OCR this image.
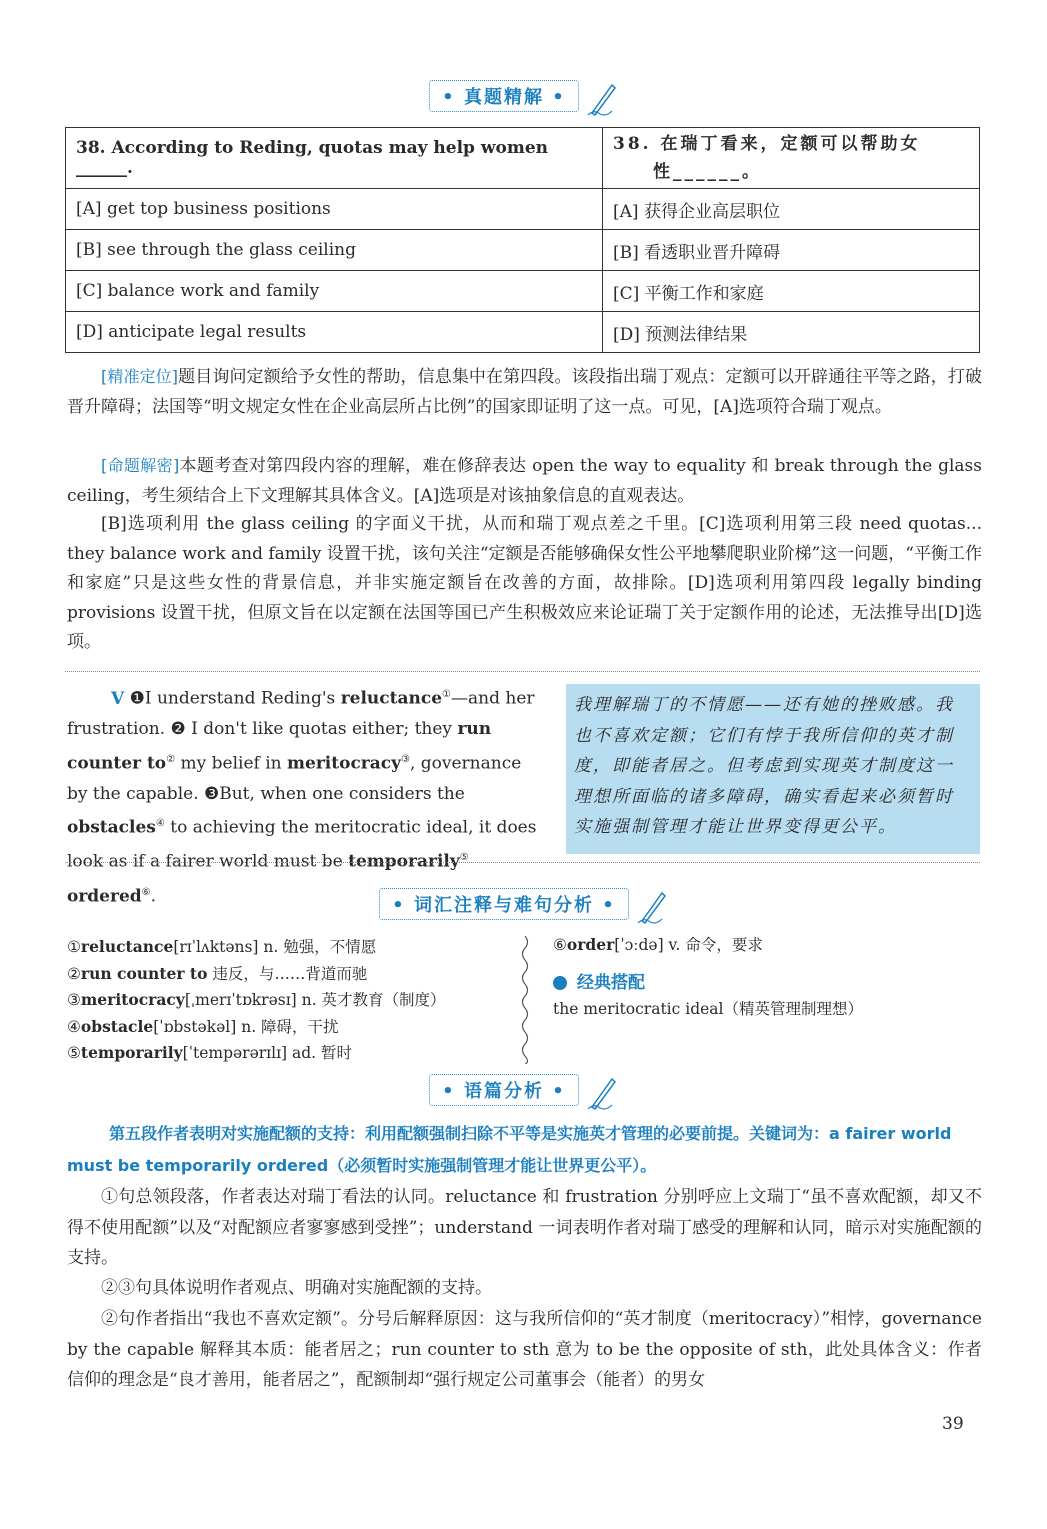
• 真题精解 •
38. According to Reding, quotas may help women ______.	38. 在瑞丁看来，定额可以帮助女
性______。

[A] get top business positions	[A] 获得企业高层职位
[B] see through the glass ceiling	[B] 看透职业晋升障碍
[C] balance work and family	[C] 平衡工作和家庭
[D] anticipate legal results	[D] 预测法律结果

[精准定位]题目询问定额给予女性的帮助，信息集中在第四段。该段指出瑞丁观点：定额可以开辟通往平等之路，打破晋升障碍；法国等“明文规定女性在企业高层所占比例”的国家即证明了这一点。可见，[A]选项符合瑞丁观点。

[命题解密]本题考查对第四段内容的理解，难在修辞表达 open the way to equality 和 break through the glass ceiling，考生须结合上下文理解其具体含义。[A]选项是对该抽象信息的直观表达。

[B]选项利用 the glass ceiling 的字面义干扰，从而和瑞丁观点差之千里。[C]选项利用第三段 need quotas... they balance work and family 设置干扰，该句关注“定额是否能够确保女性公平地攀爬职业阶梯”这一问题，“平衡工作和家庭”只是这些女性的背景信息，并非实施定额旨在改善的方面，故排除。[D]选项利用第四段 legally binding provisions 设置干扰，但原文旨在以定额在法国等国已产生积极效应来论证瑞丁关于定额作用的论述，无法推导出[D]选项。

V ❶I understand Reding's reluctance①—and her frustration. ❷ I don't like quotas either; they run counter to② my belief in meritocracy③, governance by the capable. ❸But, when one considers the obstacles④ to achieving the meritocratic ideal, it does look as if a fairer world must be temporarily⑤ ordered⑥.
我理解瑞丁的不情愿——还有她的挫败感。我也不喜欢定额；它们有悖于我所信仰的英才制度，即能者居之。但考虑到实现英才制度这一理想所面临的诸多障碍，确实看起来必须暂时实施强制管理才能让世界变得更公平。
• 词汇注释与难句分析 •
①reluctance[rɪˈlʌktəns] n. 勉强，不情愿
②run counter to 违反，与……背道而驰
③meritocracy[ˌmerɪˈtɒkrəsɪ] n. 英才教育（制度）
④obstacle[ˈɒbstəkəl] n. 障碍，干扰
⑤temporarily[ˈtempərərɪlɪ] ad. 暂时
⑥order[ˈɔːdə] v. 命令，要求
经典搭配
the meritocratic ideal（精英管理制理想）
• 语篇分析 •
第五段作者表明对实施配额的支持：利用配额强制扫除不平等是实施英才管理的必要前提。关键词为：a fairer world must be temporarily ordered（必须暂时实施强制管理才能让世界更公平）。

①句总领段落，作者表达对瑞丁看法的认同。reluctance 和 frustration 分别呼应上文瑞丁“虽不喜欢配额，却又不得不使用配额”以及“对配额应者寥寥感到受挫”；understand 一词表明作者对瑞丁感受的理解和认同，暗示对实施配额的支持。

②③句具体说明作者观点、明确对实施配额的支持。

②句作者指出“我也不喜欢定额”。分号后解释原因：这与我所信仰的“英才制度（meritocracy）”相悖，governance by the capable 解释其本质：能者居之；run counter to sth 意为 to be the opposite of sth，此处具体含义：作者信仰的理念是“良才善用，能者居之”，配额制却“强行规定公司董事会（能者）的男女

39
